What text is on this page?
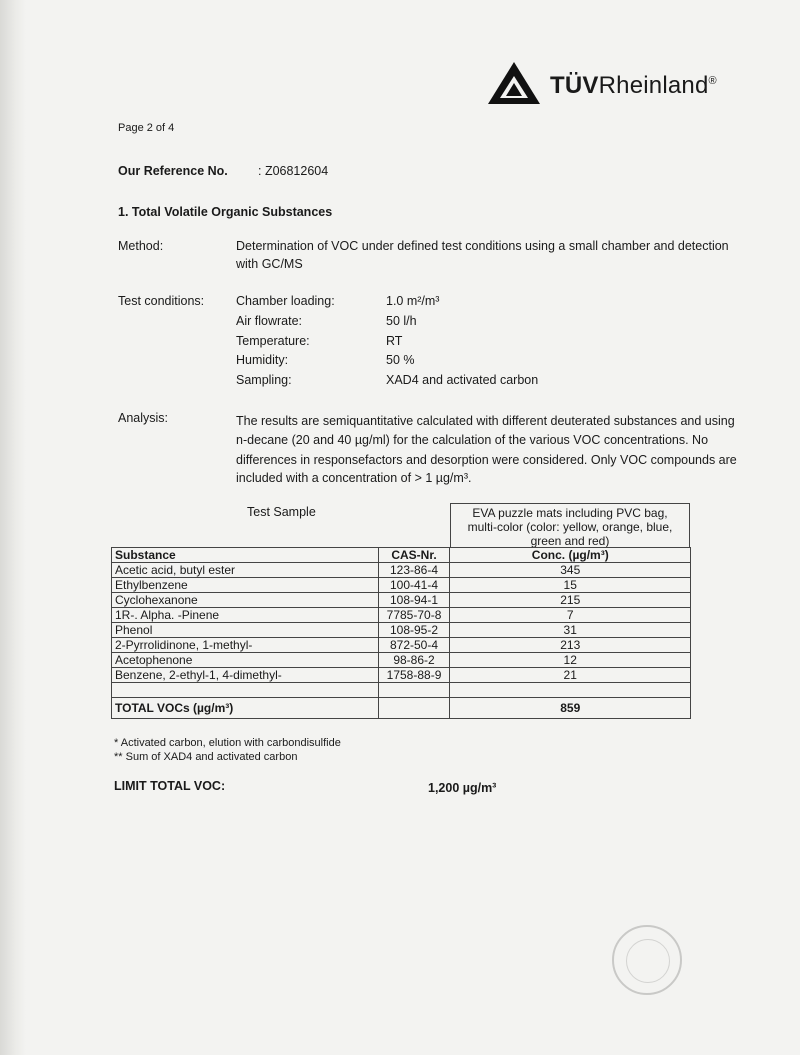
TÜVRheinland®
Page 2 of 4
Our Reference No. : Z06812604
1. Total Volatile Organic Substances
Method:	Determination of VOC under defined test conditions using a small chamber and detection
with GC/MS
Test conditions:	Chamber loading:	1.0 m²/m³
Air flowrate:	50 l/h
Temperature:	RT
Humidity:	50 %
Sampling:	XAD4 and activated carbon
Analysis:	The results are semiquantitative calculated with different deuterated substances and using
n-decane (20 and 40 µg/ml) for the calculation of the various VOC concentrations. No
differences in responsefactors and desorption were considered. Only VOC compounds are
included with a concentration of > 1 µg/m³.
Test Sample	EVA puzzle mats including PVC bag,
multi-color (color: yellow, orange, blue,
green and red)
Substance	CAS-Nr.	Conc. (µg/m³)
Acetic acid, butyl ester	123-86-4	345
Ethylbenzene	100-41-4	15
Cyclohexanone	108-94-1	215
1R-. Alpha. -Pinene	7785-70-8	7
Phenol	108-95-2	31
2-Pyrrolidinone, 1-methyl-	872-50-4	213
Acetophenone	98-86-2	12
Benzene, 2-ethyl-1, 4-dimethyl-	1758-88-9	21

TOTAL VOCs (µg/m³)		859
* Activated carbon, elution with carbondisulfide
** Sum of XAD4 and activated carbon
LIMIT TOTAL VOC:	1,200 µg/m³
